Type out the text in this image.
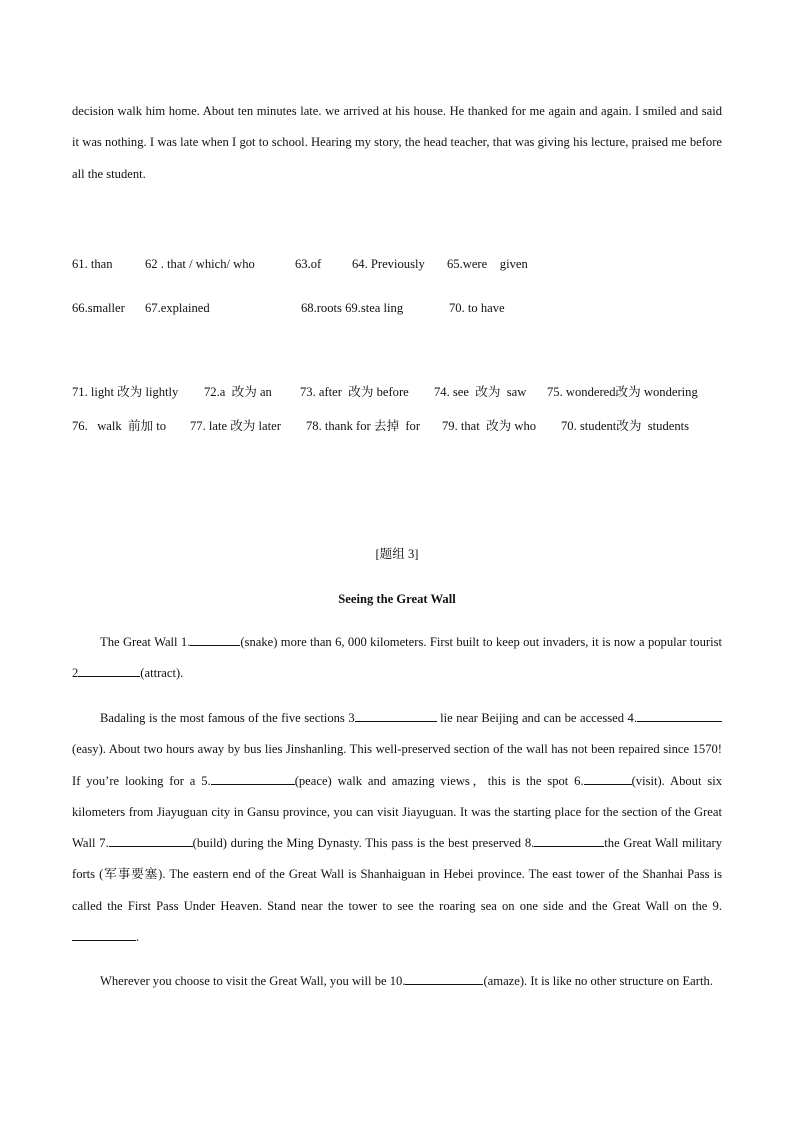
decision walk him home. About ten minutes late. we arrived at his house. He thanked for me again and again. I smiled and said it was nothing. I was late when I got to school. Hearing my story, the head teacher, that was giving his lecture, praised me before all the student.

61. than

	62 . that / which/ who

	63.of

64. Previously

65.were    given

66.smaller

67.explained

	68.roots 69.stea ling

	70. to have

71. light 改为 lightly

72.a  改为 an

73. after  改为 before

74. see  改为  saw

75. wondered改为 wondering

76.   walk  前加 to

77. late 改为 later

78. thank for 去掉  for

79. that  改为 who

70. student改为  students

[题组 3]
Seeing the Great Wall
The Great Wall 1.	(snake) more than 6, 000 kilometers. First built to keep out invaders, it is now a popular tourist 2	(attract).
Badaling is the most famous of the five sections 3	lie near Beijing and can be accessed 4.(easy). About two hours away by bus lies Jinshanling. This well-preserved section of the wall has not been repaired since 1570! If you’re looking for a 5.	(peace) walk and amazing views，this is the spot 6.	(visit). About six kilometers from Jiayuguan city in Gansu province, you can visit Jiayuguan. It was the starting place for the section of the Great Wall 7.	(build) during the Ming Dynasty. This pass is the best preserved 8.	the Great Wall military forts (军事要塞). The eastern end of the Great Wall is Shanhaiguan in Hebei province. The east tower of the Shanhai Pass is called the First Pass Under Heaven. Stand near the tower to see the roaring sea on one side and the Great Wall on the 9..
Wherever you choose to visit the Great Wall, you will be 10.	(amaze). It is like no other structure on Earth.
